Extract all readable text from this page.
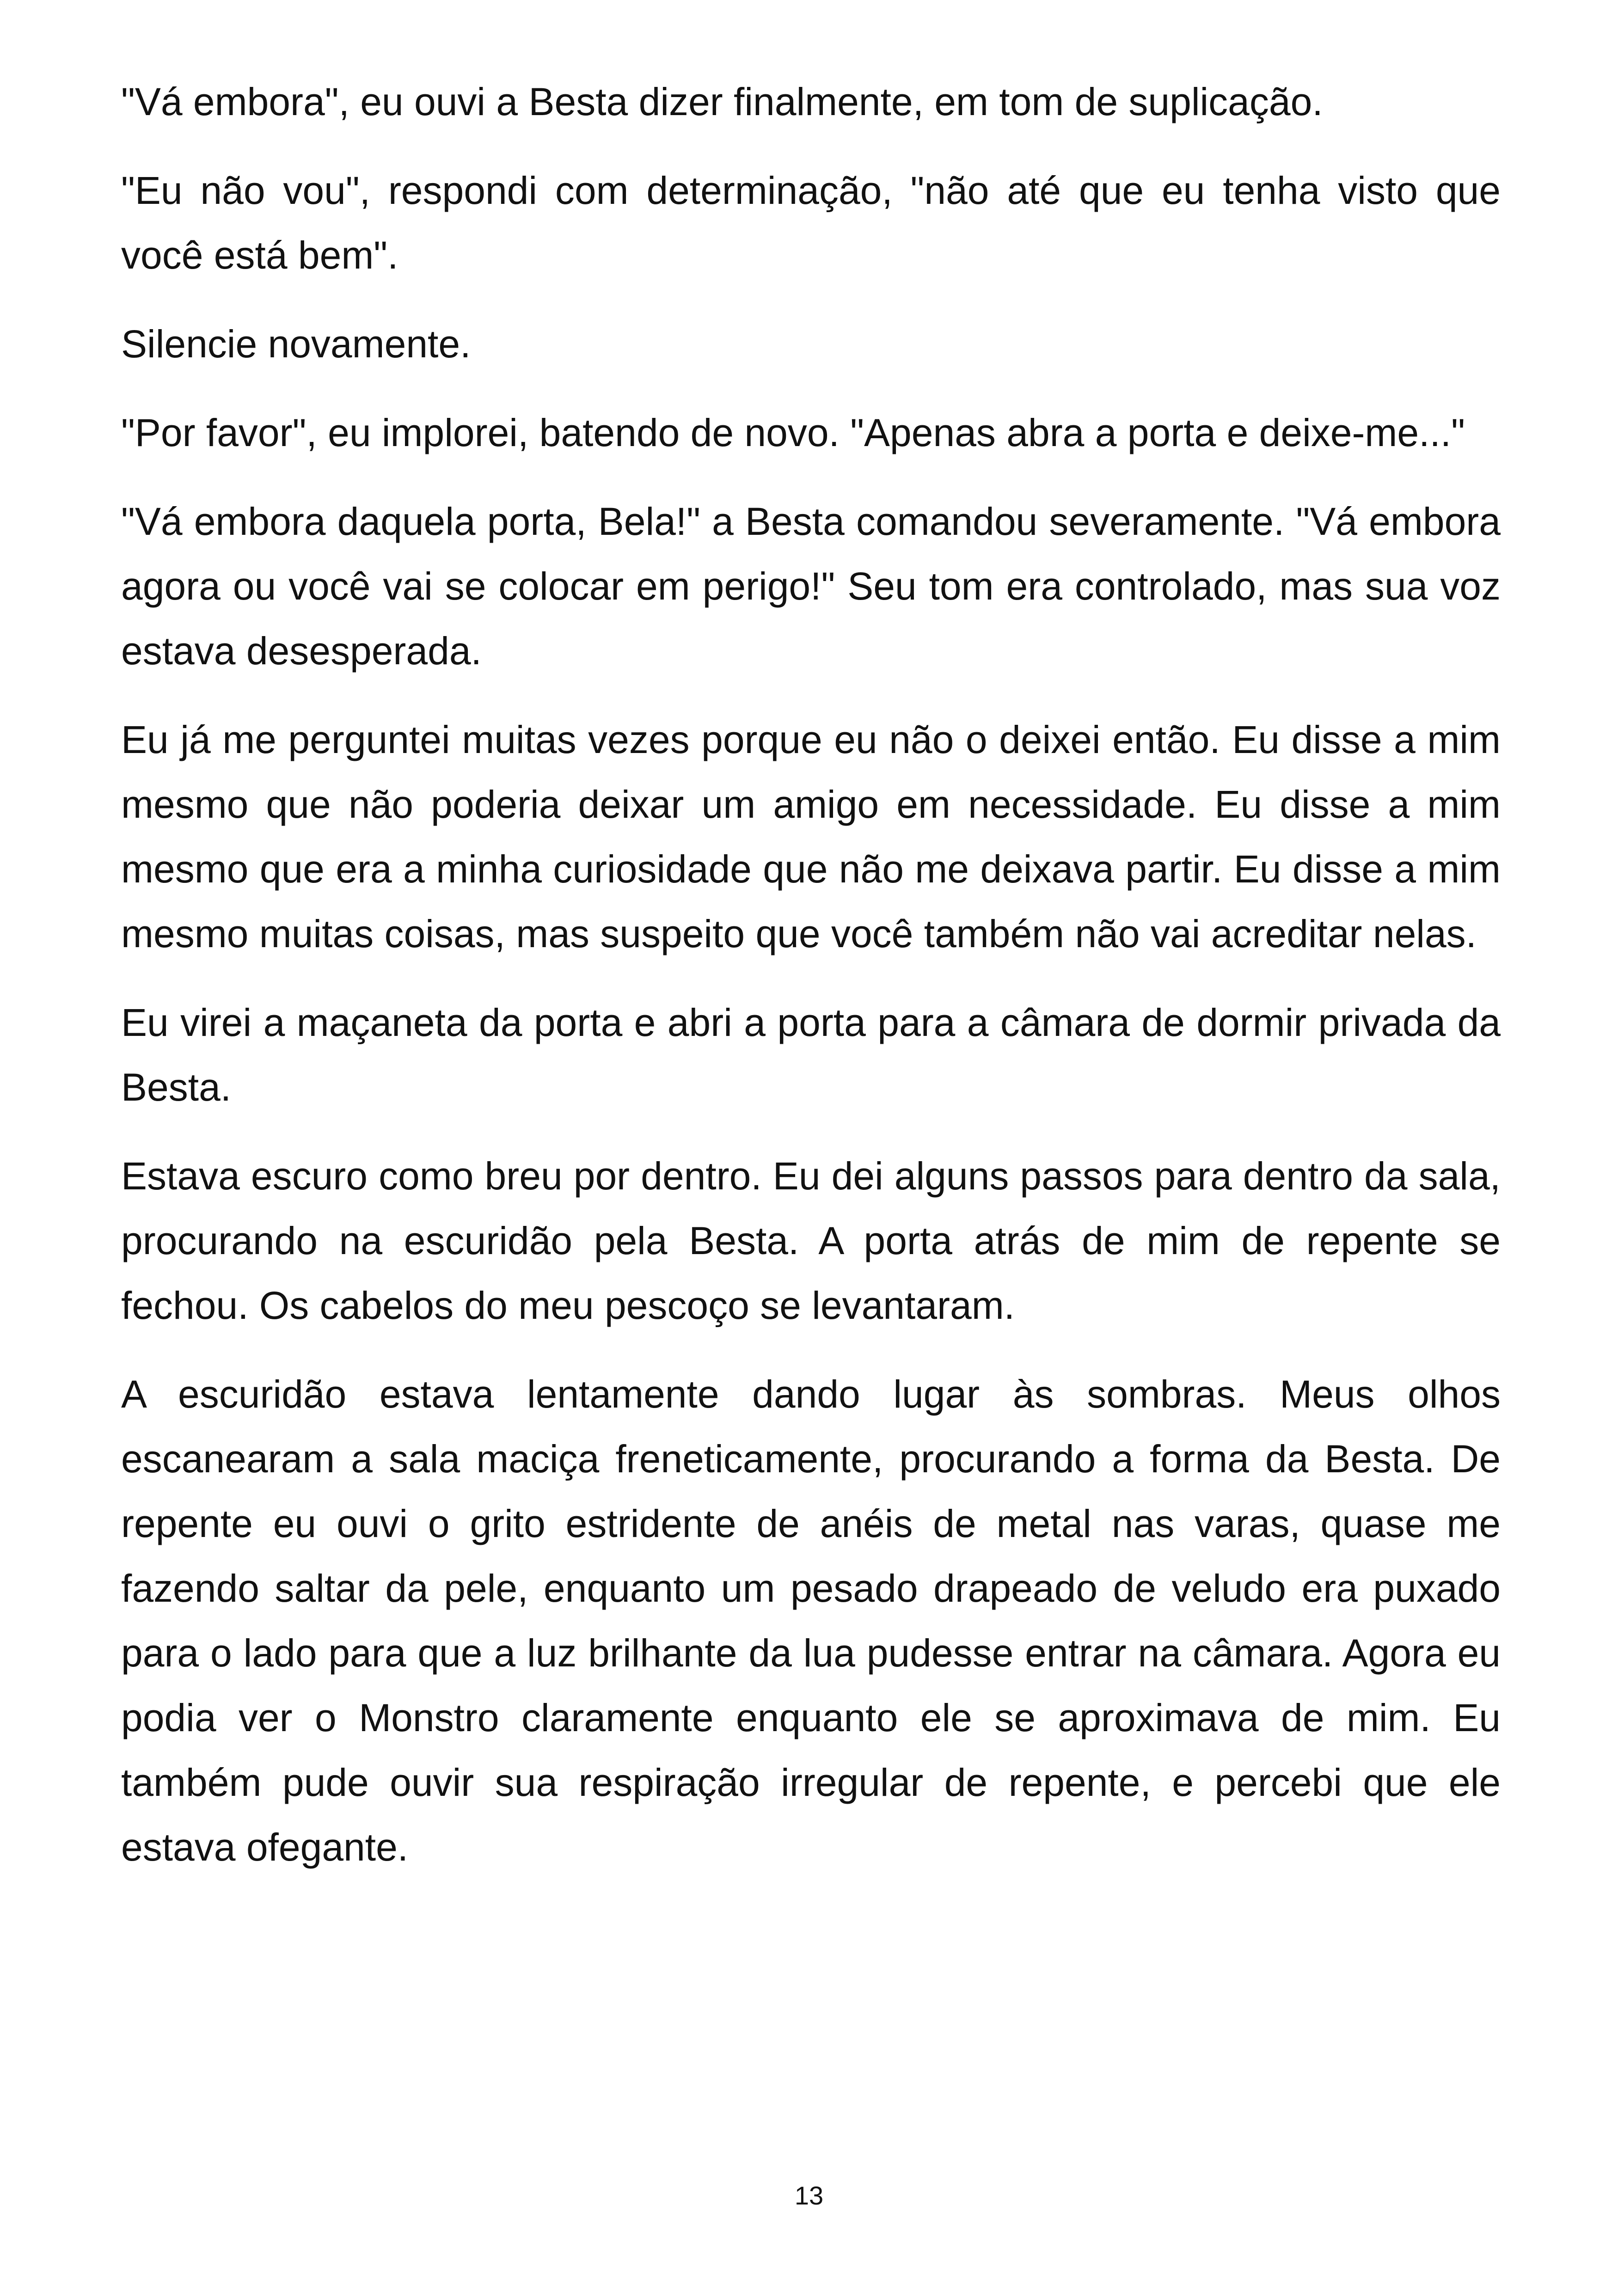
"Vá embora", eu ouvi a Besta dizer finalmente, em tom de suplicação.

"Eu não vou", respondi com determinação, "não até que eu tenha visto que você está bem".

Silencie novamente.

"Por favor", eu implorei, batendo de novo. "Apenas abra a porta e deixe-me..."

"Vá embora daquela porta, Bela!" a Besta comandou severamente. "Vá embora agora ou você vai se colocar em perigo!" Seu tom era controlado, mas sua voz estava desesperada.

Eu já me perguntei muitas vezes porque eu não o deixei então. Eu disse a mim mesmo que não poderia deixar um amigo em necessidade. Eu disse a mim mesmo que era a minha curiosidade que não me deixava partir. Eu disse a mim mesmo muitas coisas, mas suspeito que você também não vai acreditar nelas.

Eu virei a maçaneta da porta e abri a porta para a câmara de dormir privada da Besta.

Estava escuro como breu por dentro. Eu dei alguns passos para dentro da sala, procurando na escuridão pela Besta. A porta atrás de mim de repente se fechou. Os cabelos do meu pescoço se levantaram.

A escuridão estava lentamente dando lugar às sombras. Meus olhos escanearam a sala maciça freneticamente, procurando a forma da Besta. De repente eu ouvi o grito estridente de anéis de metal nas varas, quase me fazendo saltar da pele, enquanto um pesado drapeado de veludo era puxado para o lado para que a luz brilhante da lua pudesse entrar na câmara. Agora eu podia ver o Monstro claramente enquanto ele se aproximava de mim. Eu também pude ouvir sua respiração irregular de repente, e percebi que ele estava ofegante.

13
